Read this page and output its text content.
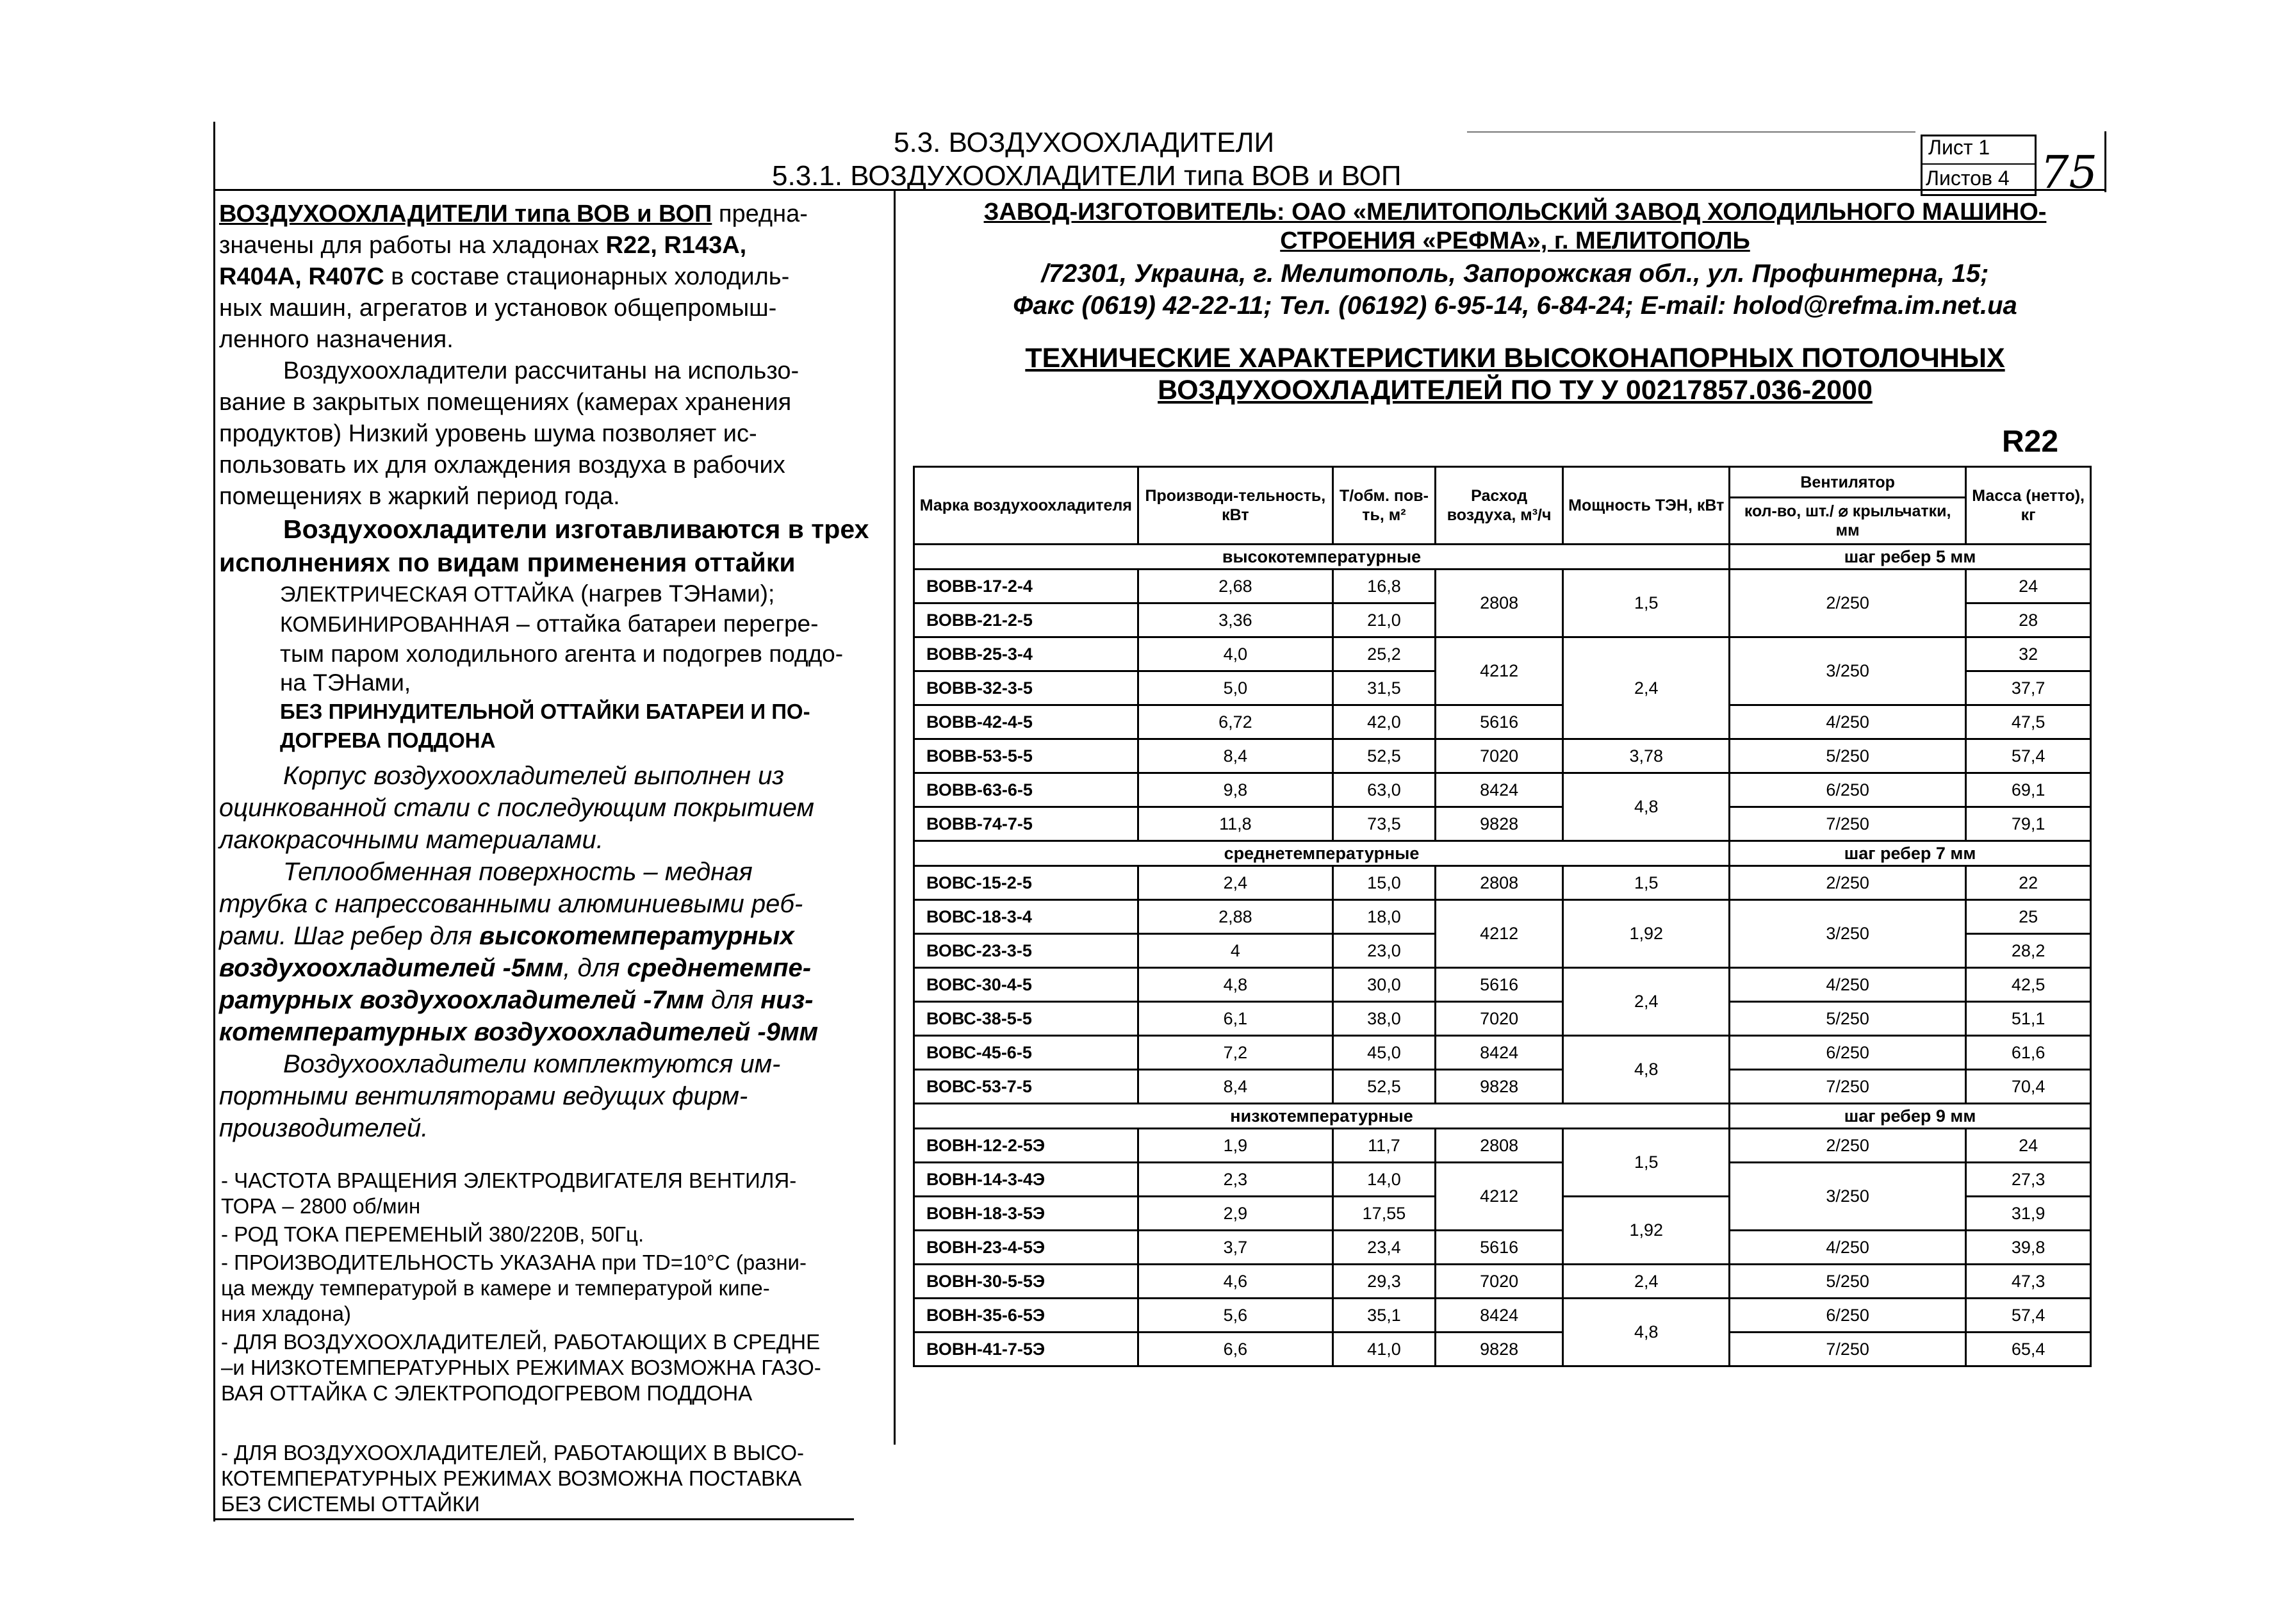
5.3. ВОЗДУХООХЛАДИТЕЛИ
5.3.1. ВОЗДУХООХЛАДИТЕЛИ типа ВОВ и ВОП
Лист 1
Листов 4 75

ВОЗДУХООХЛАДИТЕЛИ типа ВОВ и ВОП предна-

значены для работы на хладонах R22, R143A,

R404A, R407C в составе стационарных холодиль-

ных машин, агрегатов и установок общепромыш-

ленного назначения.

Воздухоохладители рассчитаны на использо-

вание в закрытых помещениях (камерах хранения

продуктов) Низкий уровень шума позволяет ис-

пользовать их для охлаждения воздуха в рабочих

помещениях в жаркий период года.

Воздухоохладители изготавливаются в трех

исполнениях по видам применения оттайки

ЭЛЕКТРИЧЕСКАЯ ОТТАЙКА (нагрев ТЭНами);
КОМБИНИРОВАННАЯ – оттайка батареи перегре-
тым паром холодильного агента и подогрев поддо-
на ТЭНами,
БЕЗ ПРИНУДИТЕЛЬНОЙ ОТТАЙКИ БАТАРЕИ И ПО-
ДОГРЕВА ПОДДОНА

Корпус воздухоохладителей выполнен из

оцинкованной стали с последующим покрытием

лакокрасочными материалами.

Теплообменная поверхность – медная

трубка с напрессованными алюминиевыми реб-

рами. Шаг ребер для высокотемпературных

воздухоохладителей -5мм, для среднетемпе-

ратурных воздухоохладителей -7мм для низ-

котемпературных воздухоохладителей -9мм

Воздухоохладители комплектуются им-

портными вентиляторами ведущих фирм-

производителей.

- ЧАСТОТА ВРАЩЕНИЯ ЭЛЕКТРОДВИГАТЕЛЯ ВЕНТИЛЯ-
ТОРА – 2800 об/мин

- РОД ТОКА ПЕРЕМЕНЫЙ 380/220В, 50Гц.

- ПРОИЗВОДИТЕЛЬНОСТЬ УКАЗАНА при TD=10°C (разни-
ца между температурой в камере и температурой кипе-
ния хладона)

- ДЛЯ ВОЗДУХООХЛАДИТЕЛЕЙ, РАБОТАЮЩИХ В СРЕДНЕ
–и НИЗКОТЕМПЕРАТУРНЫХ РЕЖИМАХ ВОЗМОЖНА ГАЗО-
ВАЯ ОТТАЙКА С ЭЛЕКТРОПОДОГРЕВОМ ПОДДОНА

- ДЛЯ ВОЗДУХООХЛАДИТЕЛЕЙ, РАБОТАЮЩИХ В ВЫСО-
КОТЕМПЕРАТУРНЫХ РЕЖИМАХ ВОЗМОЖНА ПОСТАВКА
БЕЗ СИСТЕМЫ ОТТАЙКИ

ЗАВОД-ИЗГОТОВИТЕЛЬ: ОАО «МЕЛИТОПОЛЬСКИЙ ЗАВОД ХОЛОДИЛЬНОГО МАШИНО-
СТРОЕНИЯ «РЕФМА», г. МЕЛИТОПОЛЬ
/72301, Украина, г. Мелитополь, Запорожская обл., ул. Профинтерна, 15;
Факс (0619) 42-22-11; Тел. (06192) 6-95-14, 6-84-24; E-mail: holod@refma.im.net.ua
ТЕХНИЧЕСКИЕ ХАРАКТЕРИСТИКИ ВЫСОКОНАПОРНЫХ ПОТОЛОЧНЫХ
ВОЗДУХООХЛАДИТЕЛЕЙ ПО ТУ У 00217857.036-2000
R22
Марка воздухоохладителя	Производи-тельность, кВт	Т/обм. пов-ть, м²	Расход воздуха, м³/ч	Мощность ТЭН, кВт	Вентилятор	Масса (нетто), кг
					кол-во, шт./ ⌀ крыльчатки, мм	
высокотемпературные					шаг ребер 5 мм	
ВОВВ-17-2-4	2,68	16,8	2808	1,5	2/250	24
ВОВВ-21-2-5	3,36	21,0				28
ВОВВ-25-3-4	4,0	25,2	4212	2,4	3/250	32
ВОВВ-32-3-5	5,0	31,5				37,7
ВОВВ-42-4-5	6,72	42,0	5616		4/250	47,5
ВОВВ-53-5-5	8,4	52,5	7020	3,78	5/250	57,4
ВОВВ-63-6-5	9,8	63,0	8424	4,8	6/250	69,1
ВОВВ-74-7-5	11,8	73,5	9828		7/250	79,1
среднетемпературные					шаг ребер 7 мм	
ВОВС-15-2-5	2,4	15,0	2808	1,5	2/250	22
ВОВС-18-3-4	2,88	18,0	4212	1,92	3/250	25
ВОВС-23-3-5	4	23,0				28,2
ВОВС-30-4-5	4,8	30,0	5616	2,4	4/250	42,5
ВОВС-38-5-5	6,1	38,0	7020		5/250	51,1
ВОВС-45-6-5	7,2	45,0	8424	4,8	6/250	61,6
ВОВС-53-7-5	8,4	52,5	9828		7/250	70,4
низкотемпературные					шаг ребер 9 мм	
ВОВН-12-2-5Э	1,9	11,7	2808	1,5	2/250	24
ВОВН-14-3-4Э	2,3	14,0	4212		3/250	27,3
ВОВН-18-3-5Э	2,9	17,55		1,92		31,9
ВОВН-23-4-5Э	3,7	23,4	5616		4/250	39,8
ВОВН-30-5-5Э	4,6	29,3	7020	2,4	5/250	47,3
ВОВН-35-6-5Э	5,6	35,1	8424	4,8	6/250	57,4
ВОВН-41-7-5Э	6,6	41,0	9828		7/250	65,4
